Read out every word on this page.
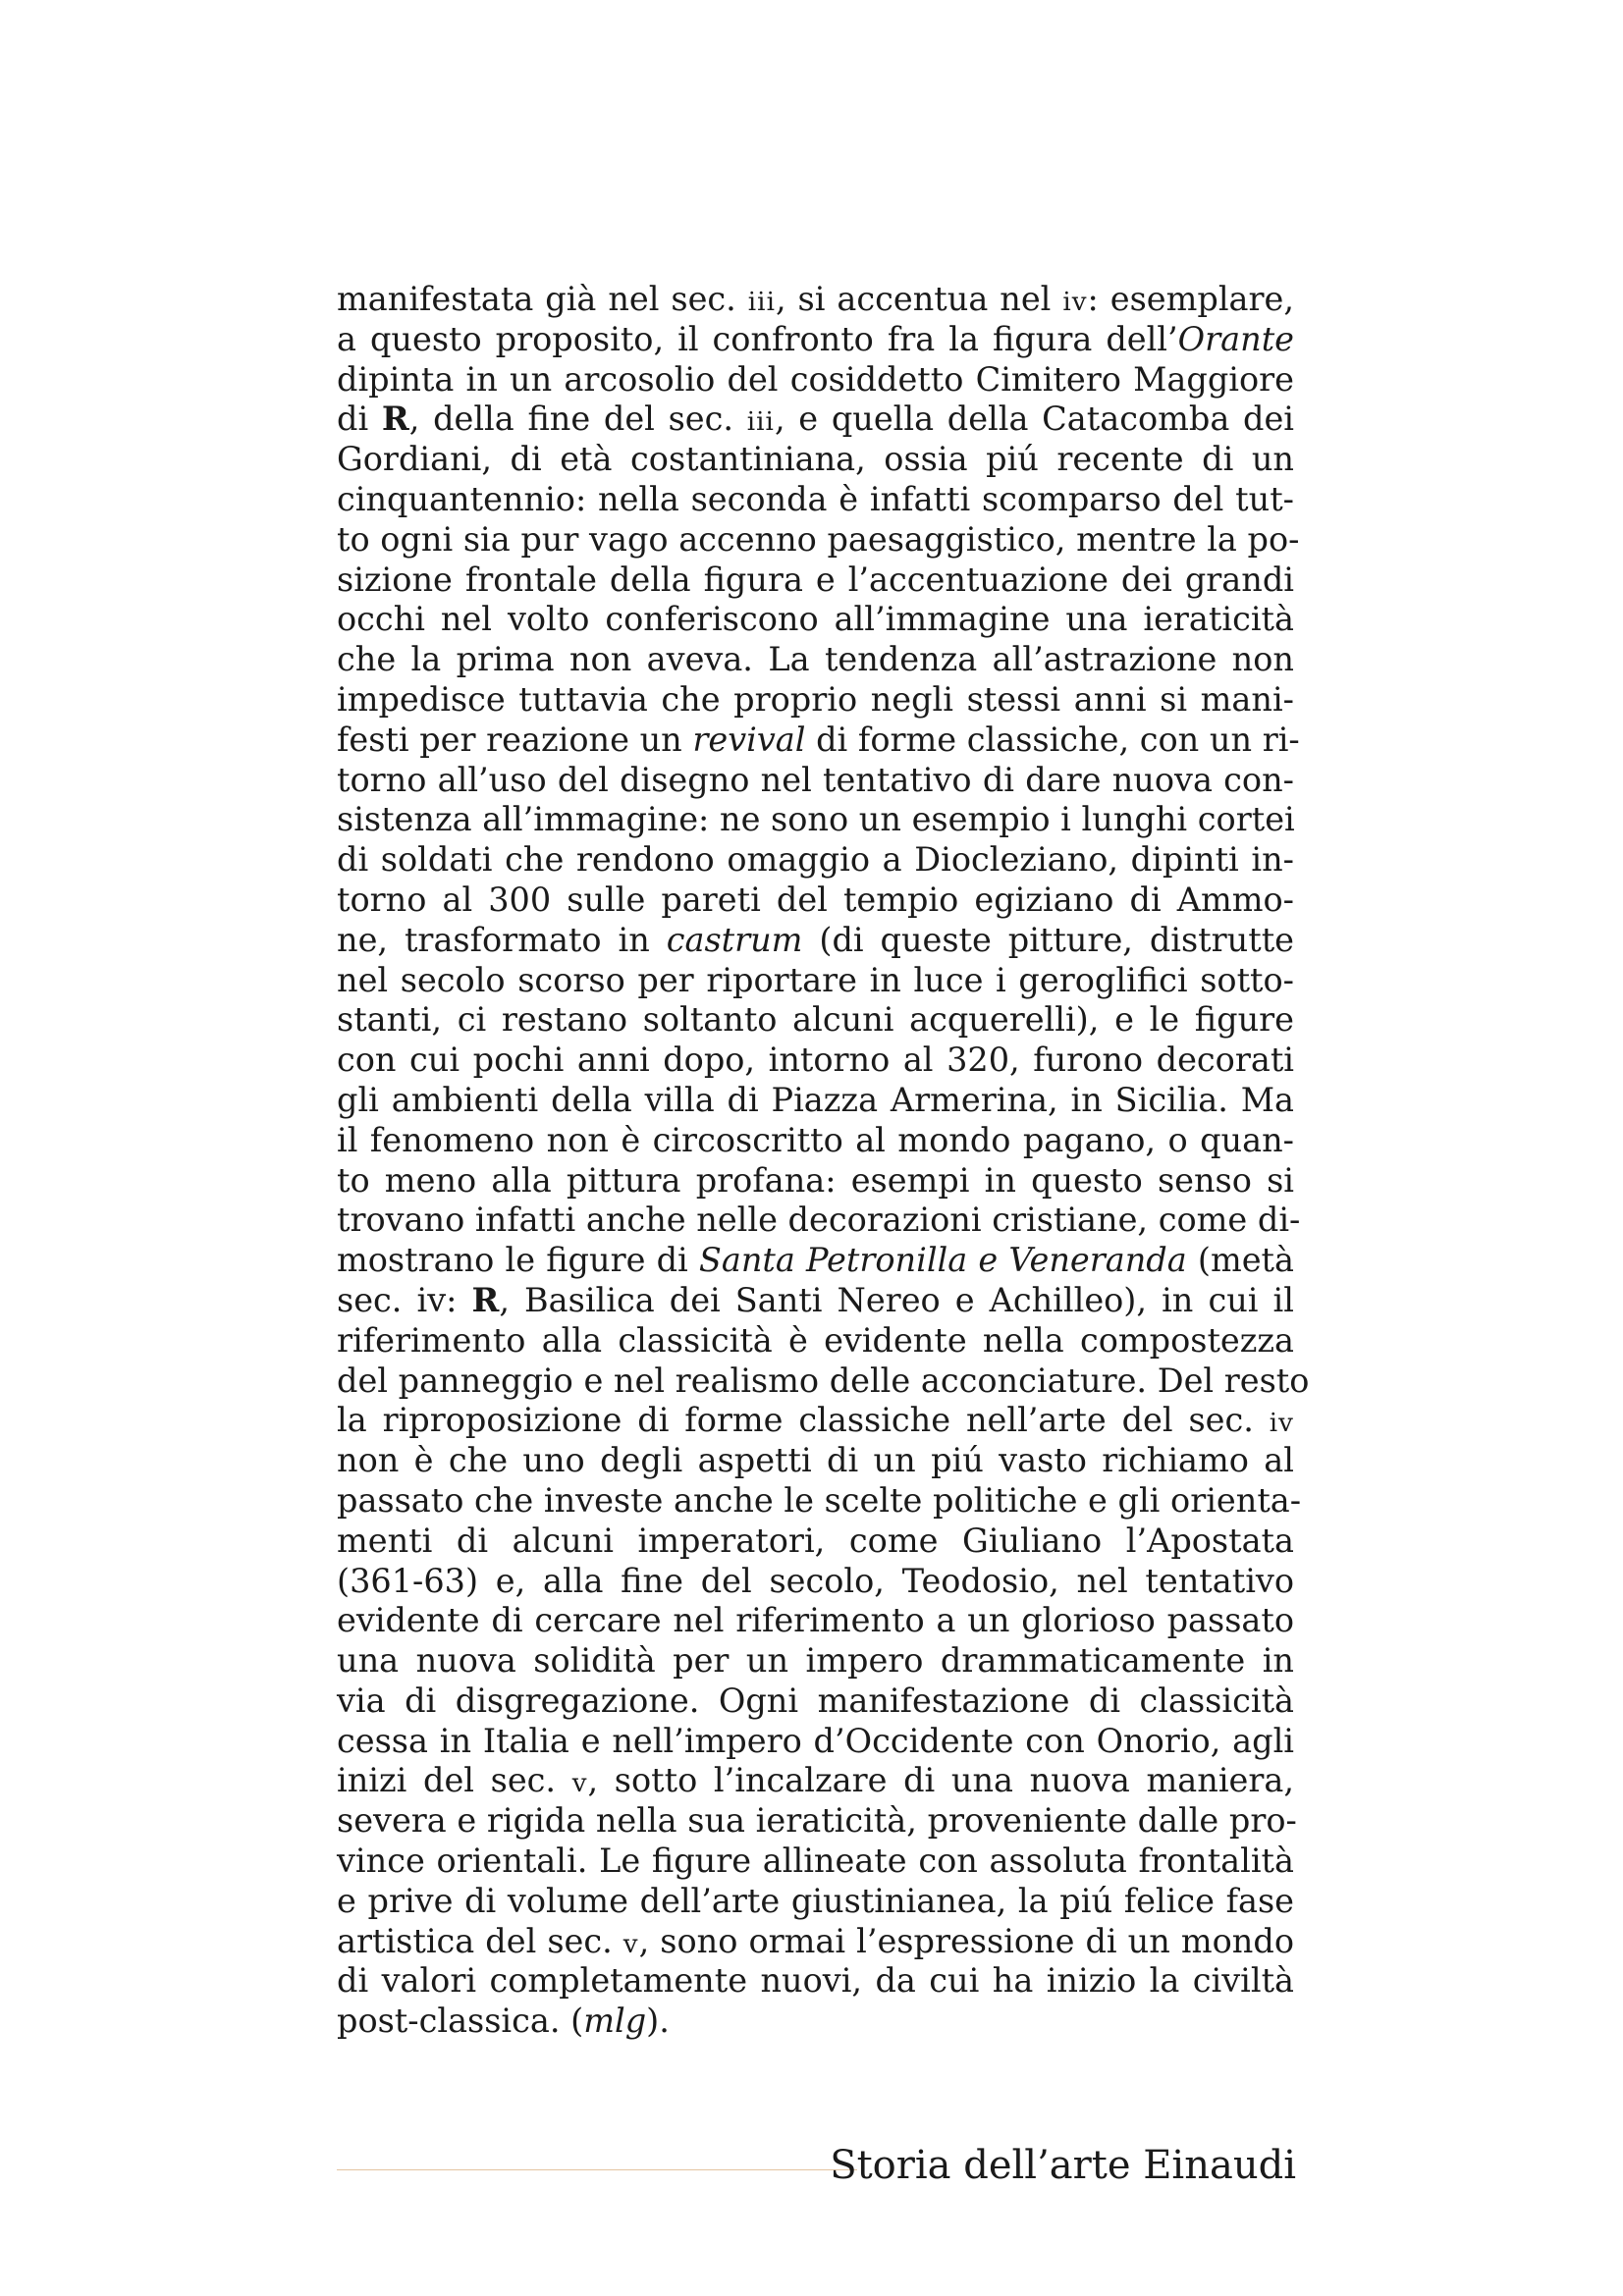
manifestata già nel sec. iii, si accentua nel iv: esemplare,
a questo proposito, il confronto fra la figura dell’Orante
dipinta in un arcosolio del cosiddetto Cimitero Maggiore
di R, della fine del sec. iii, e quella della Catacomba dei
Gordiani, di età costantiniana, ossia piú recente di un
cinquantennio: nella seconda è infatti scomparso del tut-
to ogni sia pur vago accenno paesaggistico, mentre la po-
sizione frontale della figura e l’accentuazione dei grandi
occhi nel volto conferiscono all’immagine una ieraticità
che la prima non aveva. La tendenza all’astrazione non
impedisce tuttavia che proprio negli stessi anni si mani-
festi per reazione un revival di forme classiche, con un ri-
torno all’uso del disegno nel tentativo di dare nuova con-
sistenza all’immagine: ne sono un esempio i lunghi cortei
di soldati che rendono omaggio a Diocleziano, dipinti in-
torno al 300 sulle pareti del tempio egiziano di Ammo-
ne, trasformato in castrum (di queste pitture, distrutte
nel secolo scorso per riportare in luce i geroglifici sotto-
stanti, ci restano soltanto alcuni acquerelli), e le figure
con cui pochi anni dopo, intorno al 320, furono decorati
gli ambienti della villa di Piazza Armerina, in Sicilia. Ma
il fenomeno non è circoscritto al mondo pagano, o quan-
to meno alla pittura profana: esempi in questo senso si
trovano infatti anche nelle decorazioni cristiane, come di-
mostrano le figure di Santa Petronilla e Veneranda (metà
sec. iv: R, Basilica dei Santi Nereo e Achilleo), in cui il
riferimento alla classicità è evidente nella compostezza
del panneggio e nel realismo delle acconciature. Del resto
la riproposizione di forme classiche nell’arte del sec. iv
non è che uno degli aspetti di un piú vasto richiamo al
passato che investe anche le scelte politiche e gli orienta-
menti di alcuni imperatori, come Giuliano l’Apostata
(361-63) e, alla fine del secolo, Teodosio, nel tentativo
evidente di cercare nel riferimento a un glorioso passato
una nuova solidità per un impero drammaticamente in
via di disgregazione. Ogni manifestazione di classicità
cessa in Italia e nell’impero d’Occidente con Onorio, agli
inizi del sec. v, sotto l’incalzare di una nuova maniera,
severa e rigida nella sua ieraticità, proveniente dalle pro-
vince orientali. Le figure allineate con assoluta frontalità
e prive di volume dell’arte giustinianea, la piú felice fase
artistica del sec. v, sono ormai l’espressione di un mondo
di valori completamente nuovi, da cui ha inizio la civiltà
post-classica. (mlg).
Storia dell’arte Einaudi
